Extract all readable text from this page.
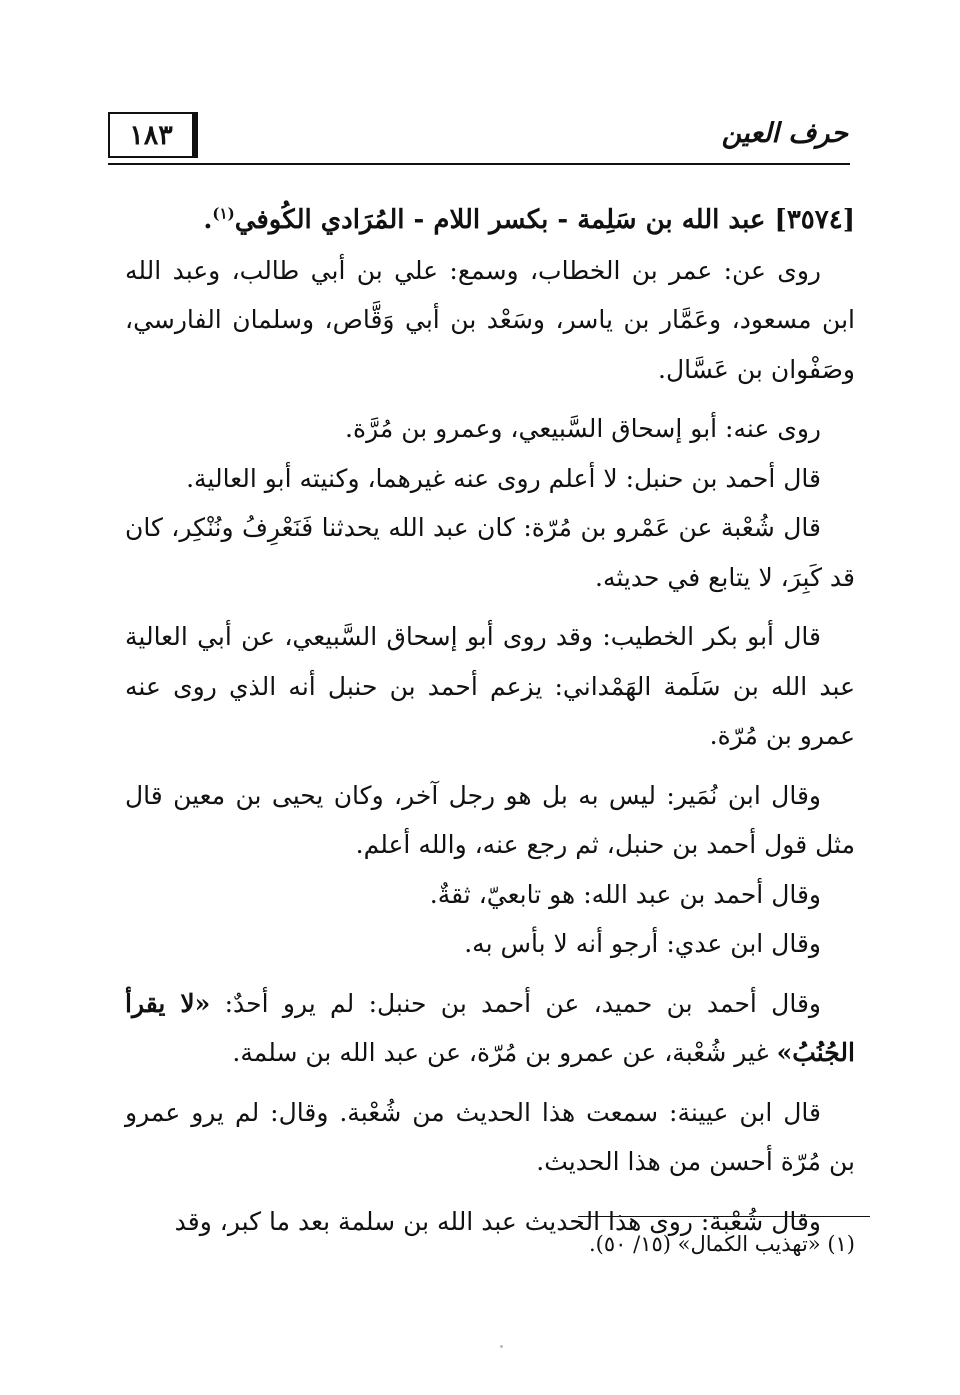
حرف العين
١٨٣

[٣٥٧٤] عبد الله بن سَلِمة - بكسر اللام - المُرَادي الكُوفي$^{(١)}$.

روى عن: عمر بن الخطاب، وسمع: علي بن أبي طالب، وعبد الله ابن مسعود، وعَمَّار بن ياسر، وسَعْد بن أبي وَقَّاص، وسلمان الفارسي، وصَفْوان بن عَسَّال.

روى عنه: أبو إسحاق السَّبيعي، وعمرو بن مُرَّة.

قال أحمد بن حنبل: لا أعلم روى عنه غيرهما، وكنيته أبو العالية.

قال شُعْبة عن عَمْرو بن مُرّة: كان عبد الله يحدثنا فَنَعْرِفُ ونُنْكِر، كان قد كَبِرَ، لا يتابع في حديثه.

قال أبو بكر الخطيب: وقد روى أبو إسحاق السَّبيعي، عن أبي العالية عبد الله بن سَلَمة الهَمْداني: يزعم أحمد بن حنبل أنه الذي روى عنه عمرو بن مُرّة.

وقال ابن نُمَير: ليس به بل هو رجل آخر، وكان يحيى بن معين قال مثل قول أحمد بن حنبل، ثم رجع عنه، والله أعلم.

وقال أحمد بن عبد الله: هو تابعيّ، ثقةٌ.

وقال ابن عدي: أرجو أنه لا بأس به.

وقال أحمد بن حميد، عن أحمد بن حنبل: لم يرو أحدٌ: «لا يقرأ الجُنُبُ» غير شُعْبة، عن عمرو بن مُرّة، عن عبد الله بن سلمة.

قال ابن عيينة: سمعت هذا الحديث من شُعْبة. وقال: لم يرو عمرو بن مُرّة أحسن من هذا الحديث.

وقال شُعْبة: روى هذا الحديث عبد الله بن سلمة بعد ما كبر، وقد

(١) «تهذيب الكمال» (١٥/ ٥٠).
